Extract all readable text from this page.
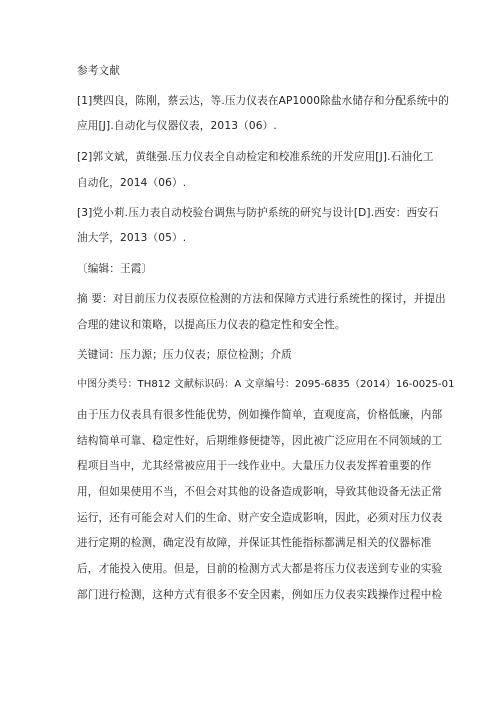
参考文献
[1]樊四良，陈刚，蔡云达，等.压力仪表在AP1000除盐水储存和分配系统中的
应用[J].自动化与仪器仪表，2013（06）.
[2]郭文斌，黄继强.压力仪表全自动检定和校准系统的开发应用[J].石油化工
自动化，2014（06）.
[3]党小莉.压力表自动校验台调焦与防护系统的研究与设计[D].西安：西安石
油大学，2013（05）.
〔编辑：王霞〕
摘 要：对目前压力仪表原位检测的方法和保障方式进行系统性的探讨，并提出
合理的建议和策略，以提高压力仪表的稳定性和安全性。
关键词：压力源；压力仪表；原位检测；介质
中图分类号：TH812 文献标识码：A 文章编号：2095-6835（2014）16-0025-01
由于压力仪表具有很多性能优势，例如操作简单，直观度高，价格低廉，内部
结构简单可靠、稳定性好，后期维修便捷等，因此被广泛应用在不同领域的工
程项目当中，尤其经常被应用于一线作业中。大量压力仪表发挥着重要的作
用，但如果使用不当，不但会对其他的设备造成影响，导致其他设备无法正常
运行，还有可能会对人们的生命、财产安全造成影响，因此，必须对压力仪表
进行定期的检测，确定没有故障，并保证其性能指标都满足相关的仪器标准
后，才能投入使用。但是，目前的检测方式大都是将压力仪表送到专业的实验
部门进行检测，这种方式有很多不安全因素，例如压力仪表实践操作过程中检
